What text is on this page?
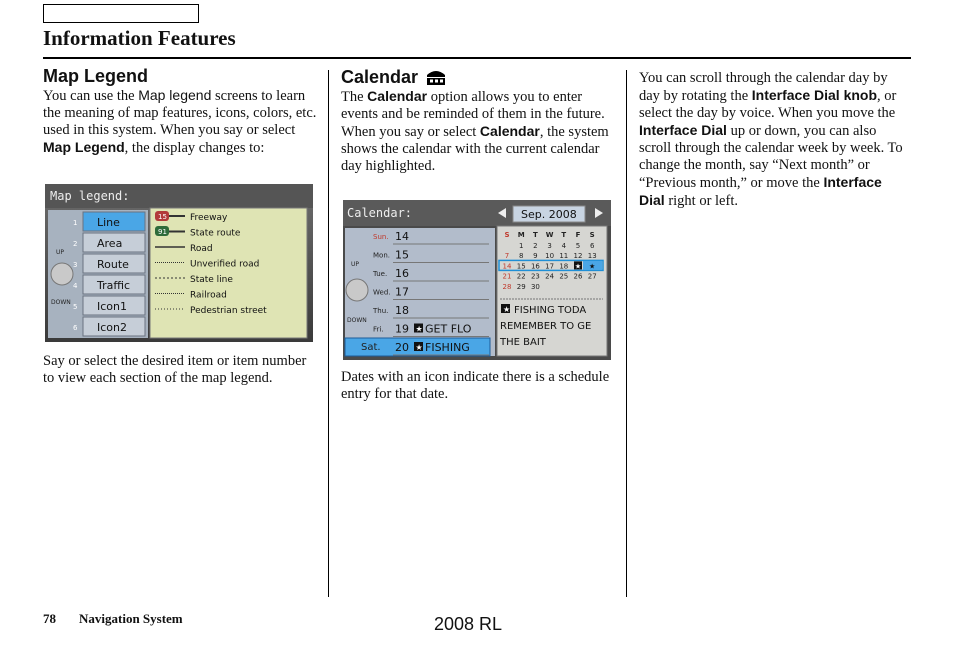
Information Features
Map Legend

You can use the Map legend screens to learn the meaning of map features, icons, colors, etc. used in this system. When you say or select Map Legend, the display changes to:

Map legend:
Line
1
Area
2
Route
3
Traffic
4
Icon1
5
Icon2
6
UP
DOWN
Freeway
State route
Road
Unverified road
State line
Railroad
Pedestrian street
15
91

Say or select the desired item or item number to view each section of the map legend.

Calendar

The Calendar option allows you to enter events and be reminded of them in the future. When you say or select Calendar, the system shows the calendar with the current calendar day highlighted.

Calendar:	Sep. 2008
Sun. 14
Mon. 15
Tue. 16
Wed. 17
Thu. 18
Fri. 19 ★ GET FLO
Sat. 20 ★ FISHING
UP
DOWN
S M T W T F S
1 2 3 4 5 6
7 8 9 10 11 12 13
★ ★
14 15 16 17 18
21 22 23 24 25 26 27
28 29 30
★ FISHING TODA
REMEMBER TO GE
THE BAIT

Dates with an icon indicate there is a schedule entry for that date.

You can scroll through the calendar day by day by rotating the Interface Dial knob, or select the day by voice. When you move the Interface Dial up or down, you can also scroll through the calendar week by week. To change the month, say “Next month” or “Previous month,” or move the Interface Dial right or left.

78 Navigation System	2008 RL
